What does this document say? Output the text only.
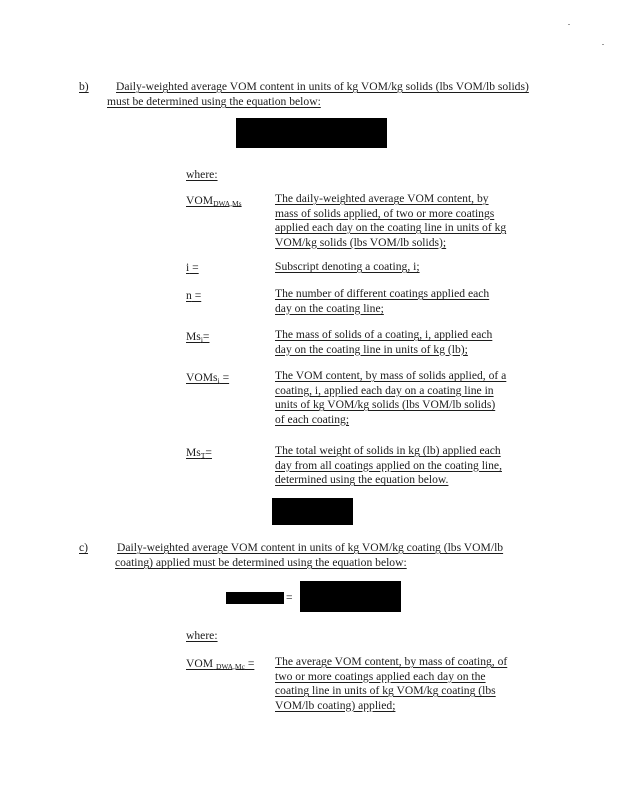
b) Daily-weighted average VOM content in units of kg VOM/kg solids (lbs VOM/lb solids)
must be determined using the equation below:
where:
$VOM_{DWA,Ms}$	The daily-weighted average VOM content, by
mass of solids applied, of two or more coatings
applied each day on the coating line in units of kg
VOM/kg solids (lbs VOM/lb solids);
i =	Subscript denoting a coating, i;
n =	The number of different coatings applied each
day on the coating line;
$Ms_i=$	The mass of solids of a coating, i, applied each
day on the coating line in units of kg (lb);
VOMs$_i$ =	The VOM content, by mass of solids applied, of a
coating, i, applied each day on a coating line in
units of kg VOM/kg solids (lbs VOM/lb solids)
of each coating;
$Ms_T=$	The total weight of solids in kg (lb) applied each
day from all coatings applied on the coating line,
determined using the equation below.
c) Daily-weighted average VOM content in units of kg VOM/kg coating (lbs VOM/lb
coating) applied must be determined using the equation below:
=
where:
VOM $_{DWA,Mc}$ = The average VOM content, by mass of coating, of
two or more coatings applied each day on the
coating line in units of kg VOM/kg coating (lbs
VOM/lb coating) applied;
